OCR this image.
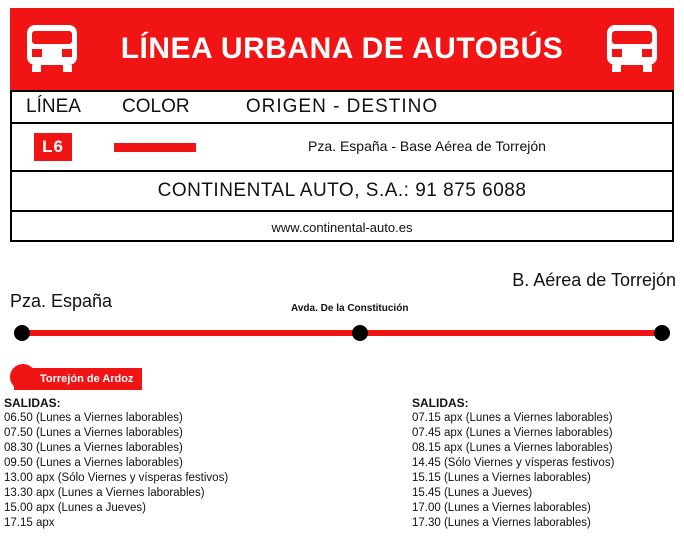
LÍNEA URBANA DE AUTOBÚS
LÍNEA COLOR	ORIGEN - DESTINO
L6	Pza. España - Base Aérea de Torrejón
CONTINENTAL AUTO, S.A.: 91 875 6088
www.continental-auto.es
Pza. España	Avda. De la Constitución
B. Aérea de Torrejón
Torrejón de Ardoz
SALIDAS:
06.50 (Lunes a Viernes laborables)
07.50 (Lunes a Viernes laborables)
08.30 (Lunes a Viernes laborables)
09.50 (Lunes a Viernes laborables)
13.00 apx (Sólo Viernes y vísperas festivos)
13.30 apx (Lunes a Viernes laborables)
15.00 apx (Lunes a Jueves)
17.15 apx
SALIDAS:
07.15 apx (Lunes a Viernes laborables)
07.45 apx (Lunes a Viernes laborables)
08.15 apx (Lunes a Viernes laborables)
14.45 (Sólo Viernes y vísperas festivos)
15.15 (Lunes a Viernes laborables)
15.45 (Lunes a Jueves)
17.00 (Lunes a Viernes laborables)
17.30 (Lunes a Viernes laborables)
